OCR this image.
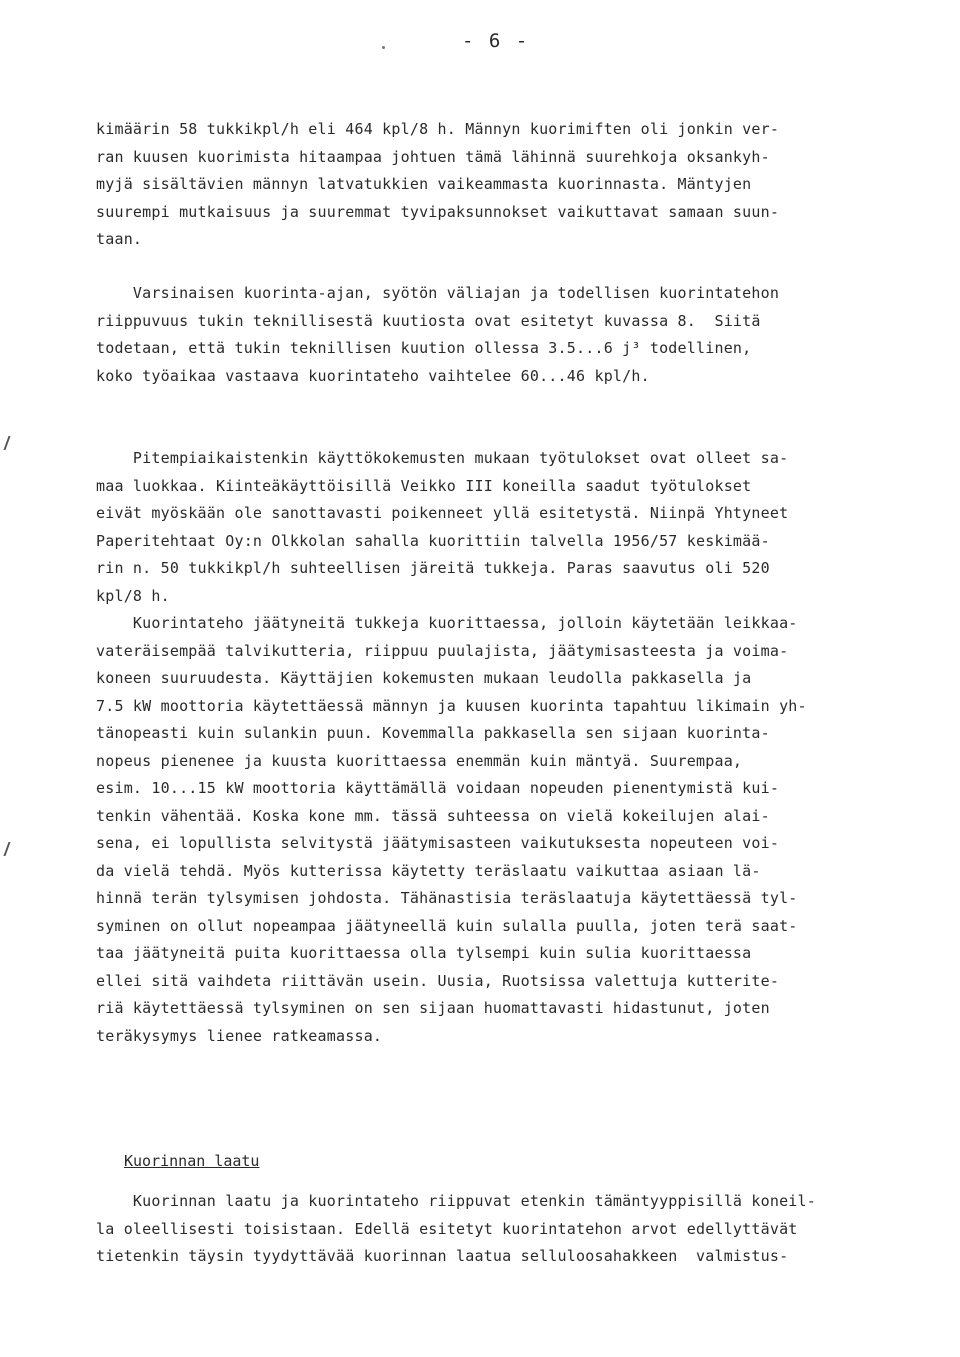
- 6 -
kimäärin 58 tukkikpl/h eli 464 kpl/8 h. Männyn kuorimiften oli jonkin ver-
ran kuusen kuorimista hitaampaa johtuen tämä lähinnä suurehkoja oksankyh-
myjä sisältävien männyn latvatukkien vaikeammasta kuorinnasta. Mäntyjen
suurempi mutkaisuus ja suuremmat tyvipaksunnokset vaikuttavat samaan suun-
taan.
Varsinaisen kuorinta-ajan, syötön väliajan ja todellisen kuorintatehon
riippuvuus tukin teknillisestä kuutiosta ovat esitetyt kuvassa 8.  Siitä
todetaan, että tukin teknillisen kuution ollessa 3.5...6 j³ todellinen,
koko työaikaa vastaava kuorintateho vaihtelee 60...46 kpl/h.
Pitempiaikaistenkin käyttökokemusten mukaan työtulokset ovat olleet sa-
maa luokkaa. Kiinteäkäyttöisillä Veikko III koneilla saadut työtulokset
eivät myöskään ole sanottavasti poikenneet yllä esitetystä. Niinpä Yhtyneet
Paperitehtaat Oy:n Olkkolan sahalla kuorittiin talvella 1956/57 keskimää-
rin n. 50 tukkikpl/h suhteellisen järeitä tukkeja. Paras saavutus oli 520
kpl/8 h.
Kuorintateho jäätyneitä tukkeja kuorittaessa, jolloin käytetään leikkaa-
vateräisempää talvikutteria, riippuu puulajista, jäätymisasteesta ja voima-
koneen suuruudesta. Käyttäjien kokemusten mukaan leudolla pakkasella ja
7.5 kW moottoria käytettäessä männyn ja kuusen kuorinta tapahtuu likimain yh-
tänopeasti kuin sulankin puun. Kovemmalla pakkasella sen sijaan kuorinta-
nopeus pienenee ja kuusta kuorittaessa enemmän kuin mäntyä. Suurempaa,
esim. 10...15 kW moottoria käyttämällä voidaan nopeuden pienentymistä kui-
tenkin vähentää. Koska kone mm. tässä suhteessa on vielä kokeilujen alai-
sena, ei lopullista selvitystä jäätymisasteen vaikutuksesta nopeuteen voi-
da vielä tehdä. Myös kutterissa käytetty teräslaatu vaikuttaa asiaan lä-
hinnä terän tylsymisen johdosta. Tähänastisia teräslaatuja käytettäessä tyl-
syminen on ollut nopeampaa jäätyneellä kuin sulalla puulla, joten terä saat-
taa jäätyneitä puita kuorittaessa olla tylsempi kuin sulia kuorittaessa
ellei sitä vaihdeta riittävän usein. Uusia, Ruotsissa valettuja kutterite-
riä käytettäessä tylsyminen on sen sijaan huomattavasti hidastunut, joten
teräkysymys lienee ratkeamassa.
Kuorinnan laatu
Kuorinnan laatu ja kuorintateho riippuvat etenkin tämäntyyppisillä koneil-
la oleellisesti toisistaan. Edellä esitetyt kuorintatehon arvot edellyttävät
tietenkin täysin tyydyttävää kuorinnan laatua selluloosahakkeen  valmistus-
